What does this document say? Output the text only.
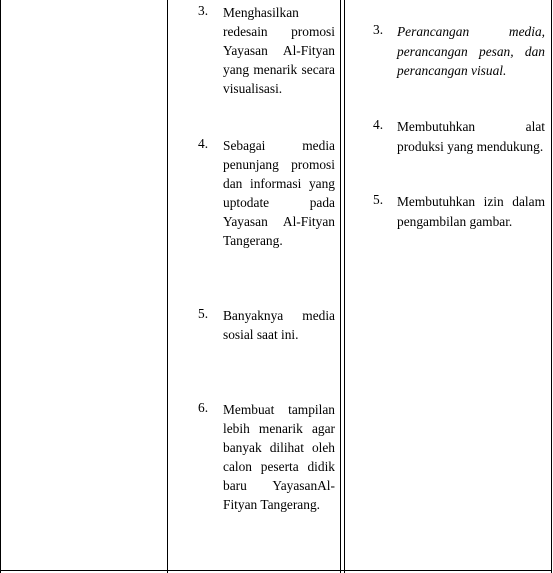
3. Menghasilkan redesain promosi Yayasan Al-Fityan yang menarik secara visualisasi.
4. Sebagai media penunjang promosi dan informasi yang uptodate pada Yayasan Al-Fityan Tangerang.
5. Banyaknya media sosial saat ini.
6. Membuat tampilan lebih menarik agar banyak dilihat oleh calon peserta didik baru YayasanAl-Fityan Tangerang.
3. Perancangan media, perancangan pesan, dan perancangan visual.
4. Membutuhkan alat produksi yang mendukung.
5. Membutuhkan izin dalam pengambilan gambar.
